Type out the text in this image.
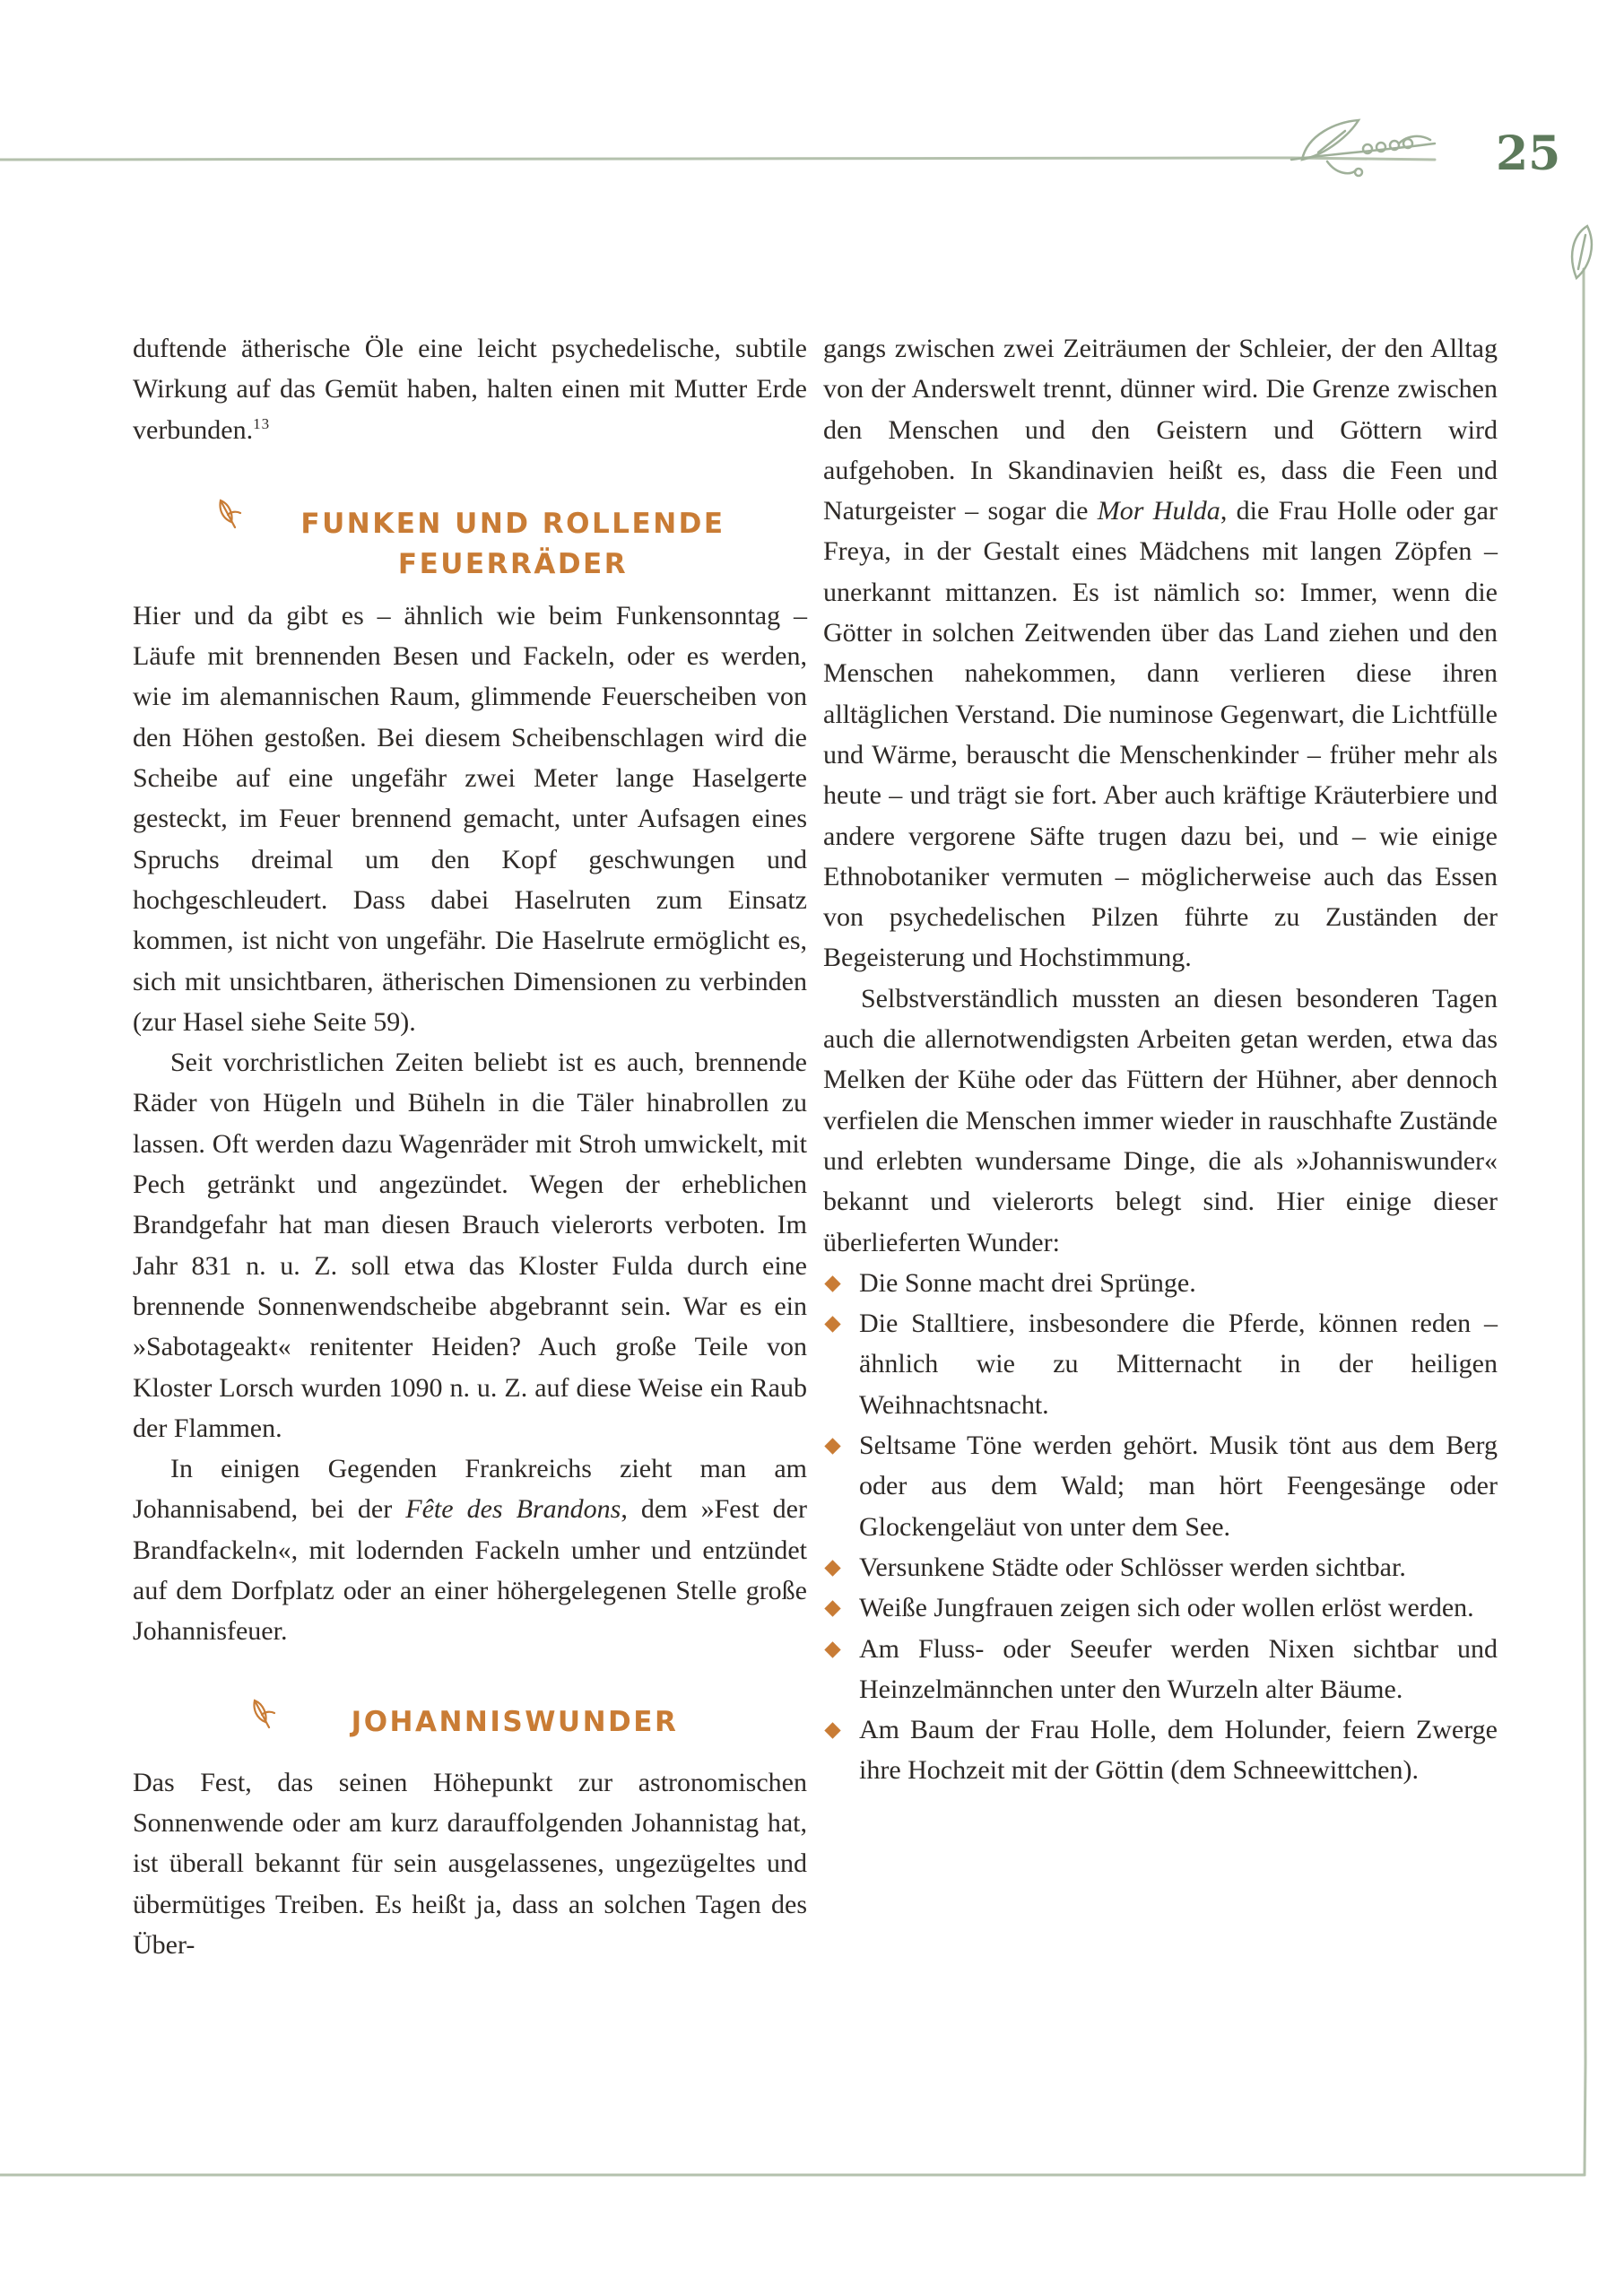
25

duftende ätherische Öle eine leicht psychedelische, subtile Wirkung auf das Gemüt haben, halten einen mit Mutter Erde verbunden.$^{13}$

FUNKEN UND ROLLENDE FEUERRÄDER

Hier und da gibt es – ähnlich wie beim Funkensonntag – Läufe mit brennenden Besen und Fackeln, oder es werden, wie im alemannischen Raum, glimmende Feuerscheiben von den Höhen gestoßen. Bei diesem Scheibenschlagen wird die Scheibe auf eine ungefähr zwei Meter lange Haselgerte gesteckt, im Feuer brennend gemacht, unter Aufsagen eines Spruchs dreimal um den Kopf geschwungen und hochgeschleudert. Dass dabei Haselruten zum Einsatz kommen, ist nicht von ungefähr. Die Haselrute ermöglicht es, sich mit unsichtbaren, ätherischen Dimensionen zu verbinden (zur Hasel siehe Seite 59).

Seit vorchristlichen Zeiten beliebt ist es auch, brennende Räder von Hügeln und Büheln in die Täler hinabrollen zu lassen. Oft werden dazu Wagenräder mit Stroh umwickelt, mit Pech getränkt und angezündet. Wegen der erheblichen Brandgefahr hat man diesen Brauch vielerorts verboten. Im Jahr 831 n. u. Z. soll etwa das Kloster Fulda durch eine brennende Sonnenwendscheibe abgebrannt sein. War es ein »Sabotageakt« renitenter Heiden? Auch große Teile von Kloster Lorsch wurden 1090 n. u. Z. auf diese Weise ein Raub der Flammen.

In einigen Gegenden Frankreichs zieht man am Johannisabend, bei der Fête des Brandons, dem »Fest der Brandfackeln«, mit lodernden Fackeln umher und entzündet auf dem Dorfplatz oder an einer höhergelegenen Stelle große Johannisfeuer.

JOHANNISWUNDER

Das Fest, das seinen Höhepunkt zur astronomischen Sonnenwende oder am kurz darauffolgenden Johannistag hat, ist überall bekannt für sein ausgelassenes, ungezügeltes und übermütiges Treiben. Es heißt ja, dass an solchen Tagen des Über-

gangs zwischen zwei Zeiträumen der Schleier, der den Alltag von der Anderswelt trennt, dünner wird. Die Grenze zwischen den Menschen und den Geistern und Göttern wird aufgehoben. In Skandinavien heißt es, dass die Feen und Naturgeister – sogar die Mor Hulda, die Frau Holle oder gar Freya, in der Gestalt eines Mädchens mit langen Zöpfen – unerkannt mittanzen. Es ist nämlich so: Immer, wenn die Götter in solchen Zeitwenden über das Land ziehen und den Menschen nahekommen, dann verlieren diese ihren alltäglichen Verstand. Die numinose Gegenwart, die Lichtfülle und Wärme, berauscht die Menschenkinder – früher mehr als heute – und trägt sie fort. Aber auch kräftige Kräuterbiere und andere vergorene Säfte trugen dazu bei, und – wie einige Ethnobotaniker vermuten – möglicherweise auch das Essen von psychedelischen Pilzen führte zu Zuständen der Begeisterung und Hochstimmung.

Selbstverständlich mussten an diesen besonderen Tagen auch die allernotwendigsten Arbeiten getan werden, etwa das Melken der Kühe oder das Füttern der Hühner, aber dennoch verfielen die Menschen immer wieder in rauschhafte Zustände und erlebten wundersame Dinge, die als »Johanniswunder« bekannt und vielerorts belegt sind. Hier einige dieser überlieferten Wunder:

Die Sonne macht drei Sprünge.
Die Stalltiere, insbesondere die Pferde, können reden – ähnlich wie zu Mitternacht in der heiligen Weihnachtsnacht.
Seltsame Töne werden gehört. Musik tönt aus dem Berg oder aus dem Wald; man hört Feengesänge oder Glockengeläut von unter dem See.
Versunkene Städte oder Schlösser werden sichtbar.
Weiße Jungfrauen zeigen sich oder wollen erlöst werden.
Am Fluss- oder Seeufer werden Nixen sichtbar und Heinzelmännchen unter den Wurzeln alter Bäume.
Am Baum der Frau Holle, dem Holunder, feiern Zwerge ihre Hochzeit mit der Göttin (dem Schneewittchen).
